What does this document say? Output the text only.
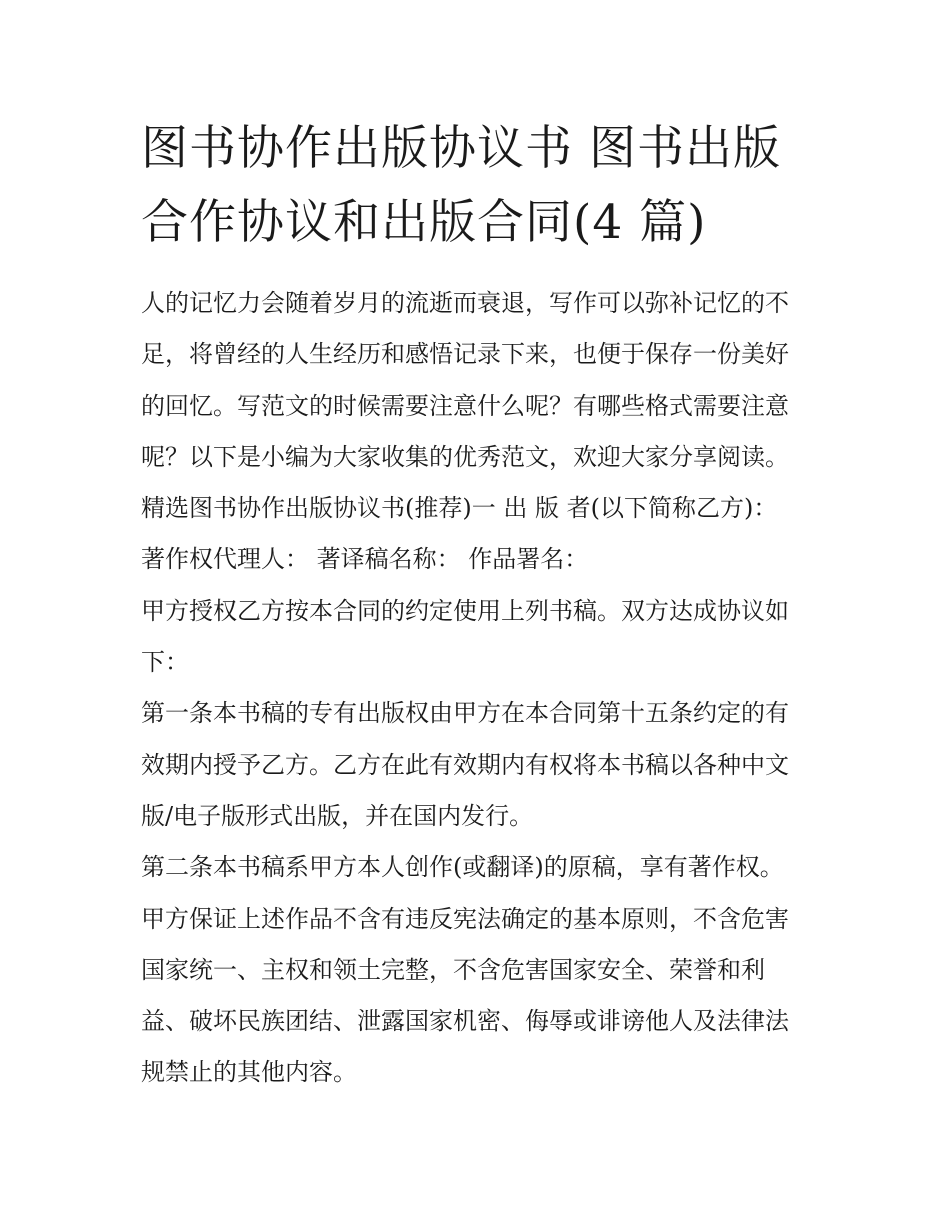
图书协作出版协议书 图书出版
合作协议和出版合同(4 篇)
人的记忆力会随着岁月的流逝而衰退，写作可以弥补记忆的不
足，将曾经的人生经历和感悟记录下来，也便于保存一份美好
的回忆。写范文的时候需要注意什么呢？有哪些格式需要注意
呢？以下是小编为大家收集的优秀范文，欢迎大家分享阅读。
精选图书协作出版协议书(推荐)一 出 版 者(以下简称乙方)：
著作权代理人： 著译稿名称： 作品署名：
甲方授权乙方按本合同的约定使用上列书稿。双方达成协议如
下：
第一条本书稿的专有出版权由甲方在本合同第十五条约定的有
效期内授予乙方。乙方在此有效期内有权将本书稿以各种中文
版/电子版形式出版，并在国内发行。
第二条本书稿系甲方本人创作(或翻译)的原稿，享有著作权。
甲方保证上述作品不含有违反宪法确定的基本原则，不含危害
国家统一、主权和领土完整，不含危害国家安全、荣誉和利
益、破坏民族团结、泄露国家机密、侮辱或诽谤他人及法律法
规禁止的其他内容。
